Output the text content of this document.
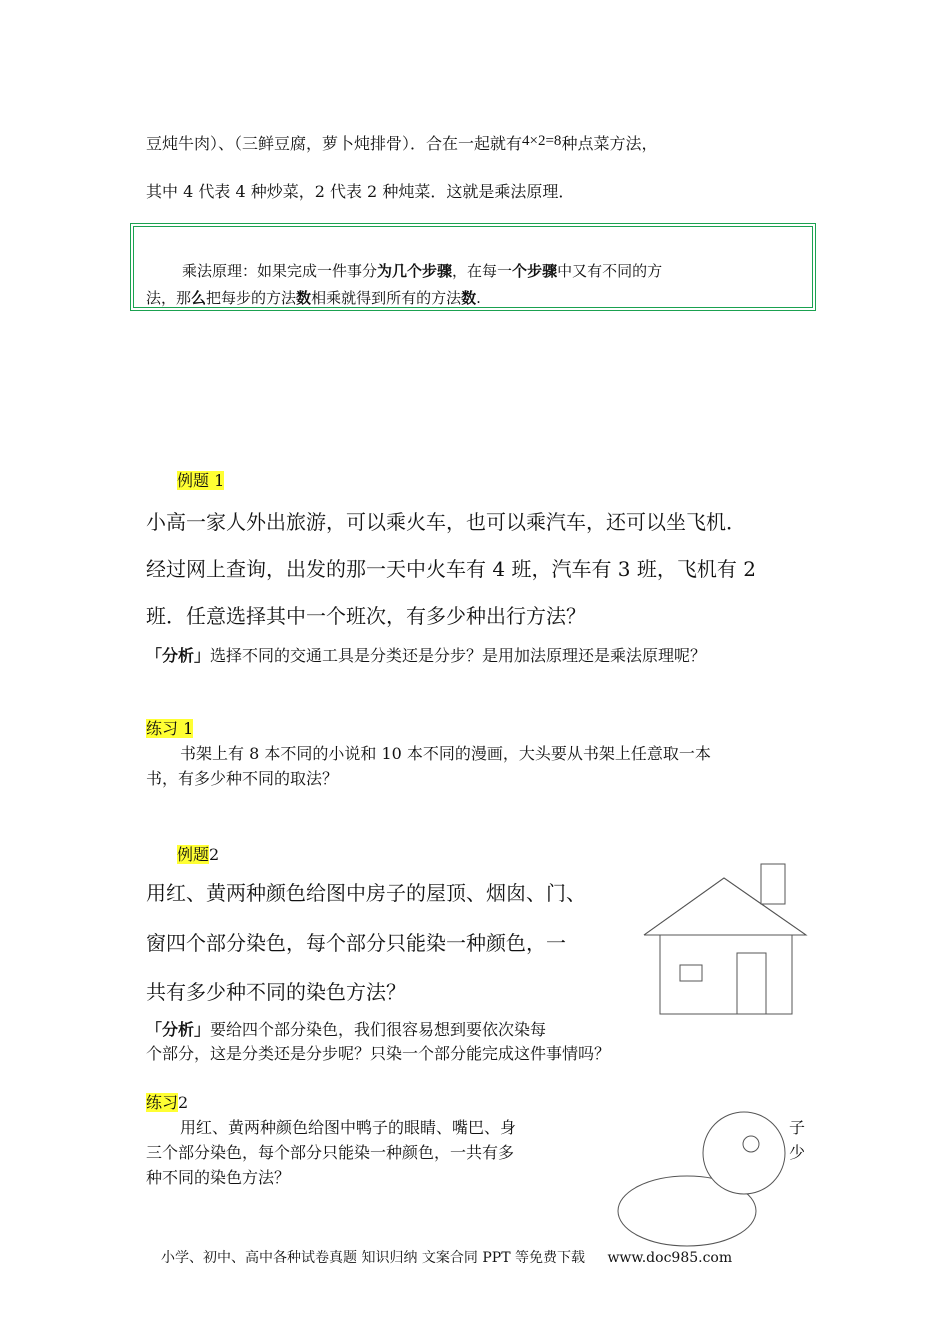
豆炖牛肉）、（三鲜豆腐，萝卜炖排骨）．合在一起就有4×2=8种点菜方法，
其中 4 代表 4 种炒菜，2 代表 2 种炖菜．这就是乘法原理．
乘法原理：如果完成一件事分为几个步骤，在每一个步骤中又有不同的方
法，那么把每步的方法数相乘就得到所有的方法数.
例题 1
小高一家人外出旅游，可以乘火车，也可以乘汽车，还可以坐飞机．
经过网上查询，出发的那一天中火车有 4 班，汽车有 3 班，飞机有 2
班．任意选择其中一个班次，有多少种出行方法？
「分析」选择不同的交通工具是分类还是分步？是用加法原理还是乘法原理呢？
练习 1
书架上有 8 本不同的小说和 10 本不同的漫画，大头要从书架上任意取一本
书，有多少种不同的取法？
例题2
用红、黄两种颜色给图中房子的屋顶、烟囱、门、
窗四个部分染色，每个部分只能染一种颜色，一
共有多少种不同的染色方法？
「分析」要给四个部分染色，我们很容易想到要依次染每
个部分，这是分类还是分步呢？只染一个部分能完成这件事情吗？
练习2
用红、黄两种颜色给图中鸭子的眼睛、嘴巴、身
三个部分染色，每个部分只能染一种颜色，一共有多
种不同的染色方法？
子
少
小学、初中、高中各种试卷真题 知识归纳 文案合同 PPT 等免费下载 www.doc985.com
